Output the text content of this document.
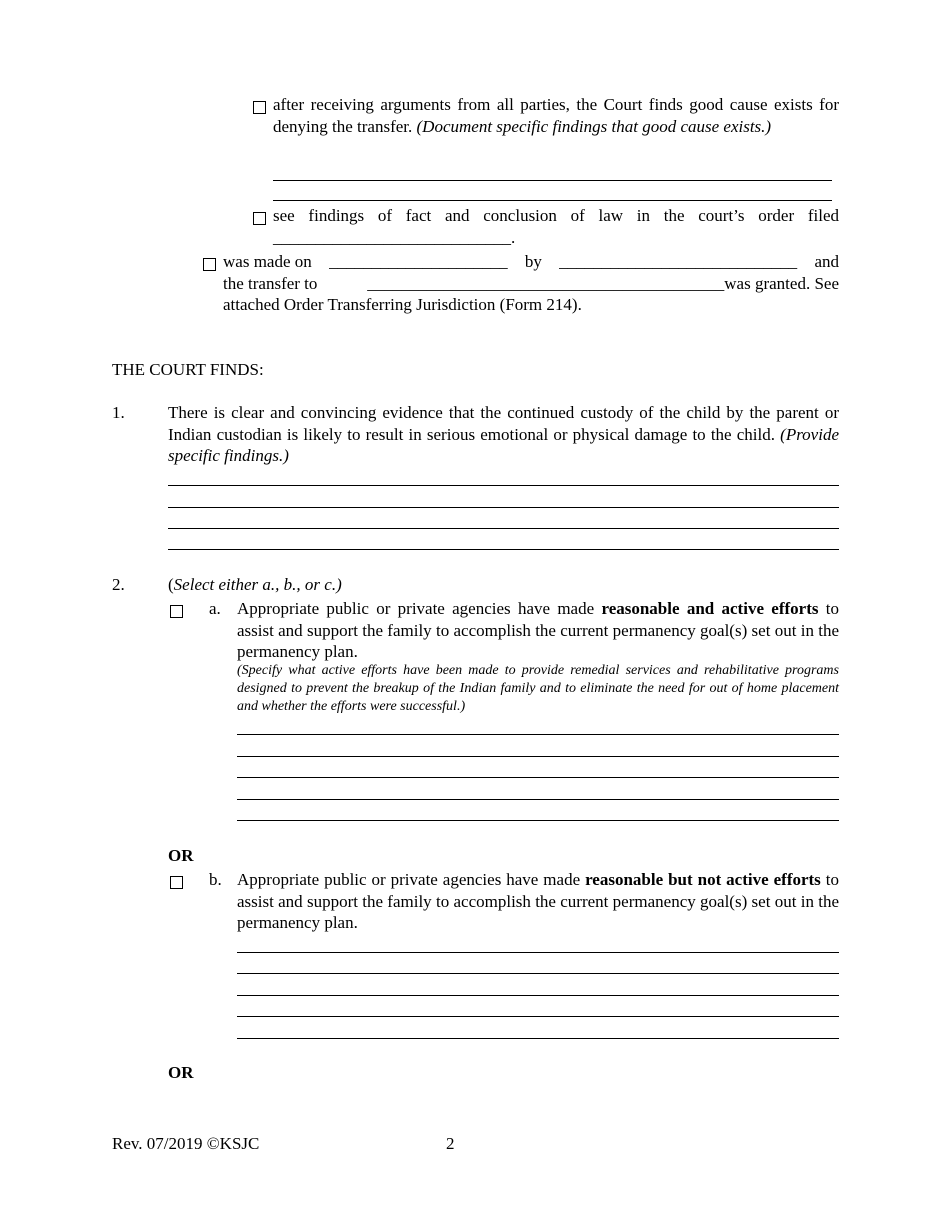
after receiving arguments from all parties, the Court finds good cause exists for denying the transfer. (Document specific findings that good cause exists.)
see findings of fact and conclusion of law in the court’s order filed ____________________________.
was made on _____________________ by ____________________________ and
the transfer to	__________________________________________was granted. See
attached Order Transferring Jurisdiction (Form 214).
THE COURT FINDS:
1.	There is clear and convincing evidence that the continued custody of the child by the parent or Indian custodian is likely to result in serious emotional or physical damage to the child. (Provide specific findings.)
2.	(Select either a., b., or c.)
a. Appropriate public or private agencies have made reasonable and active efforts to assist and support the family to accomplish the current permanency goal(s) set out in the permanency plan.
(Specify what active efforts have been made to provide remedial services and rehabilitative programs designed to prevent the breakup of the Indian family and to eliminate the need for out of home placement and whether the efforts were successful.)
OR
b. Appropriate public or private agencies have made reasonable but not active efforts to assist and support the family to accomplish the current permanency goal(s) set out in the permanency plan.
OR
Rev. 07/2019 ©KSJC	2
